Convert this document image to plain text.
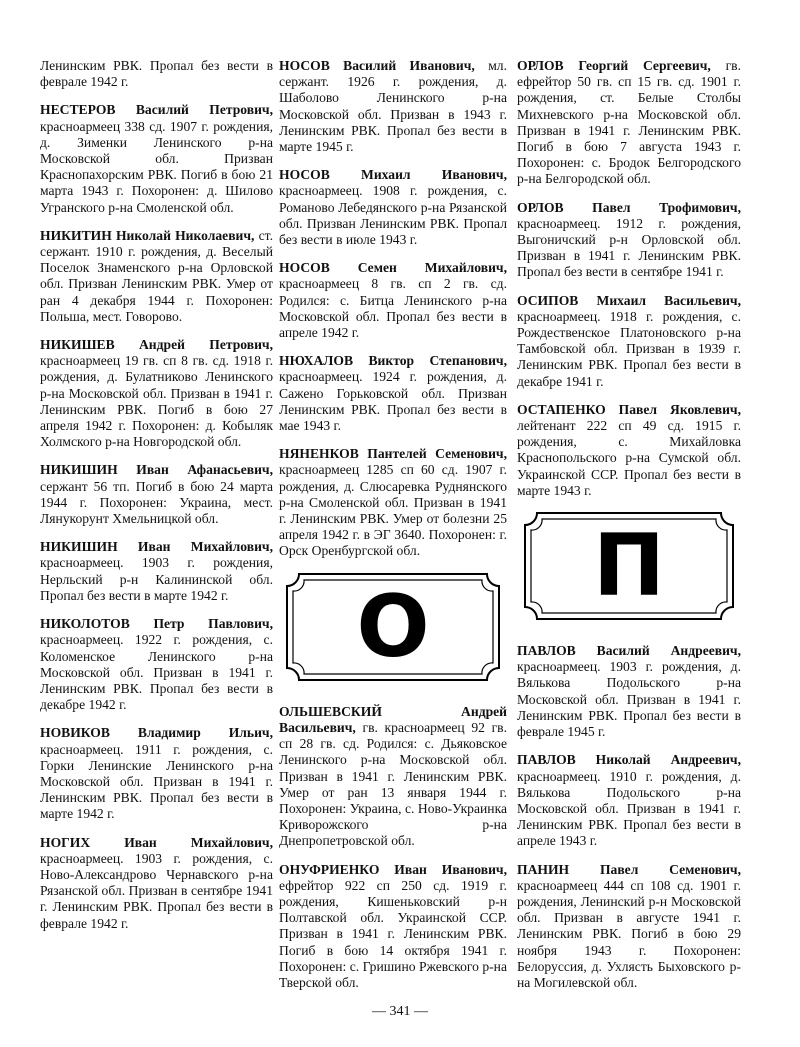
Ленинским РВК. Пропал без вести в феврале 1942 г.

НЕСТЕРОВ Василий Петрович, красноармеец 338 сд. 1907 г. рождения, д. Зименки Ленинского р-на Московской обл. Призван Краснопахорским РВК. Погиб в бою 21 марта 1943 г. Похоронен: д. Шилово Угранского р-на Смоленской обл.

НИКИТИН Николай Николаевич, ст. сержант. 1910 г. рождения, д. Веселый Поселок Знаменского р-на Орловской обл. Призван Ленинским РВК. Умер от ран 4 декабря 1944 г. Похоронен: Польша, мест. Говорово.

НИКИШЕВ Андрей Петрович, красноармеец 19 гв. сп 8 гв. сд. 1918 г. рождения, д. Булатниково Ленинского р-на Московской обл. Призван в 1941 г. Ленинским РВК. Погиб в бою 27 апреля 1942 г. Похоронен: д. Кобыляк Холмского р-на Новгородской обл.

НИКИШИН Иван Афанасьевич, сержант 56 тп. Погиб в бою 24 марта 1944 г. Похоронен: Украина, мест. Лянукорунт Хмельницкой обл.

НИКИШИН Иван Михайлович, красноармеец. 1903 г. рождения, Нерльский р-н Калининской обл. Пропал без вести в марте 1942 г.

НИКОЛОТОВ Петр Павлович, красноармеец. 1922 г. рождения, с. Коломенское Ленинского р-на Московской обл. Призван в 1941 г. Ленинским РВК. Пропал без вести в декабре 1942 г.

НОВИКОВ Владимир Ильич, красноармеец. 1911 г. рождения, с. Горки Ленинские Ленинского р-на Московской обл. Призван в 1941 г. Ленинским РВК. Пропал без вести в марте 1942 г.

НОГИХ Иван Михайлович, красноармеец. 1903 г. рождения, с. Ново-Александрово Чернавского р-на Рязанской обл. Призван в сентябре 1941 г. Ленинским РВК. Пропал без вести в феврале 1942 г.

НОСОВ Василий Иванович, мл. сержант. 1926 г. рождения, д. Шаболово Ленинского р-на Московской обл. Призван в 1943 г. Ленинским РВК. Пропал без вести в марте 1945 г.

НОСОВ Михаил Иванович, красноармеец. 1908 г. рождения, с. Романово Лебедянского р-на Рязанской обл. Призван Ленинским РВК. Пропал без вести в июле 1943 г.

НОСОВ Семен Михайлович, красноармеец 8 гв. сп 2 гв. сд. Родился: с. Битца Ленинского р-на Московской обл. Пропал без вести в апреле 1942 г.

НЮХАЛОВ Виктор Степанович, красноармеец. 1924 г. рождения, д. Сажено Горьковской обл. Призван Ленинским РВК. Пропал без вести в мае 1943 г.

НЯНЕНКОВ Пантелей Семенович, красноармеец 1285 сп 60 сд. 1907 г. рождения, д. Слюсаревка Руднянского р-на Смоленской обл. Призван в 1941 г. Ленинским РВК. Умер от болезни 25 апреля 1942 г. в ЭГ 3640. Похоронен: г. Орск Оренбургской обл.

О

ОЛЬШЕВСКИЙ Андрей Васильевич, гв. красноармеец 92 гв. сп 28 гв. сд. Родился: с. Дьяковское Ленинского р-на Московской обл. Призван в 1941 г. Ленинским РВК. Умер от ран 13 января 1944 г. Похоронен: Украина, с. Ново-Украинка Криворожского р-на Днепропетровской обл.

ОНУФРИЕНКО Иван Иванович, ефрейтор 922 сп 250 сд. 1919 г. рождения, Кишеньковский р-н Полтавской обл. Украинской ССР. Призван в 1941 г. Ленинским РВК. Погиб в бою 14 октября 1941 г. Похоронен: с. Гришино Ржевского р-на Тверской обл.

ОРЛОВ Георгий Сергеевич, гв. ефрейтор 50 гв. сп 15 гв. сд. 1901 г. рождения, ст. Белые Столбы Михневского р-на Московской обл. Призван в 1941 г. Ленинским РВК. Погиб в бою 7 августа 1943 г. Похоронен: с. Бродок Белгородского р-на Белгородской обл.

ОРЛОВ Павел Трофимович, красноармеец. 1912 г. рождения, Выгоничский р-н Орловской обл. Призван в 1941 г. Ленинским РВК. Пропал без вести в сентябре 1941 г.

ОСИПОВ Михаил Васильевич, красноармеец. 1918 г. рождения, с. Рождественское Платоновского р-на Тамбовской обл. Призван в 1939 г. Ленинским РВК. Пропал без вести в декабре 1941 г.

ОСТАПЕНКО Павел Яковлевич, лейтенант 222 сп 49 сд. 1915 г. рождения, с. Михайловка Краснопольского р-на Сумской обл. Украинской ССР. Пропал без вести в марте 1943 г.

П

ПАВЛОВ Василий Андреевич, красноармеец. 1903 г. рождения, д. Вялькова Подольского р-на Московской обл. Призван в 1941 г. Ленинским РВК. Пропал без вести в феврале 1945 г.

ПАВЛОВ Николай Андреевич, красноармеец. 1910 г. рождения, д. Вялькова Подольского р-на Московской обл. Призван в 1941 г. Ленинским РВК. Пропал без вести в апреле 1943 г.

ПАНИН Павел Семенович, красноармеец 444 сп 108 сд. 1901 г. рождения, Ленинский р-н Московской обл. Призван в августе 1941 г. Ленинским РВК. Погиб в бою 29 ноября 1943 г. Похоронен: Белоруссия, д. Ухлясть Быховского р-на Могилевской обл.

— 341 —
